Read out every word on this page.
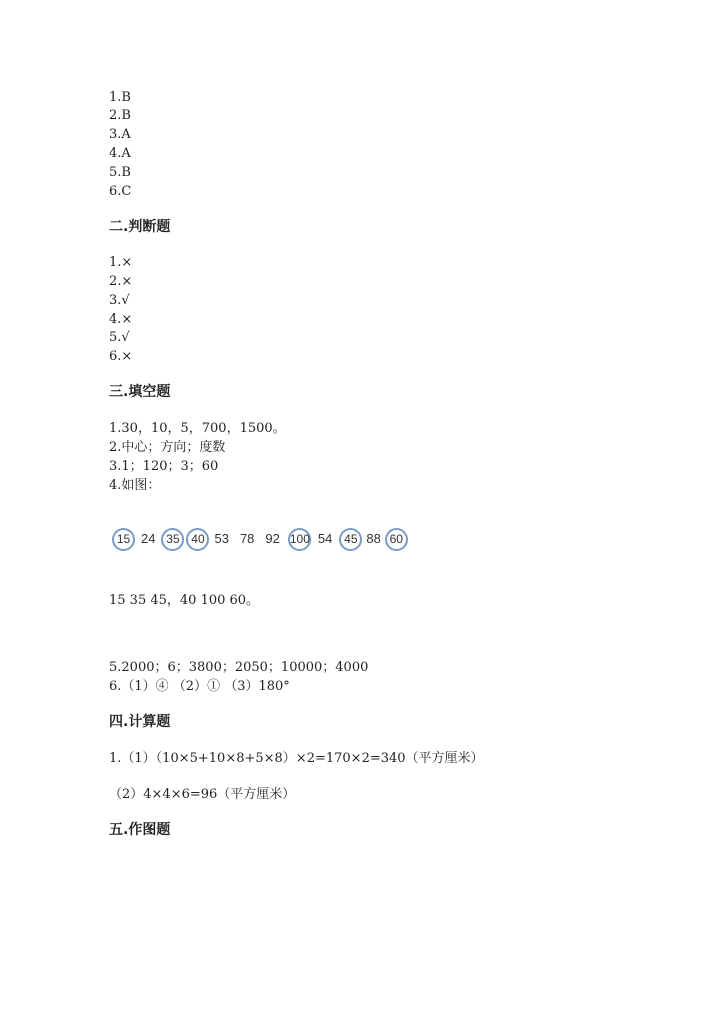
1.B
2.B
3.A
4.A
5.B
6.C
二.判断题
1.×
2.×
3.√
4.×
5.√
6.×
三.填空题
1.30，10，5，700，1500。
2.中心；方向；度数
3.1；120；3；60
4.如图：
15 24 35 40 53 78 92 100 54 45 88 60
15 35 45，40 100 60。
5.2000；6；3800；2050；10000；4000
6.（1）④ （2）① （3）180°
四.计算题
1.（1）（10×5+10×8+5×8）×2=170×2=340（平方厘米）
（2）4×4×6=96（平方厘米）
五.作图题
